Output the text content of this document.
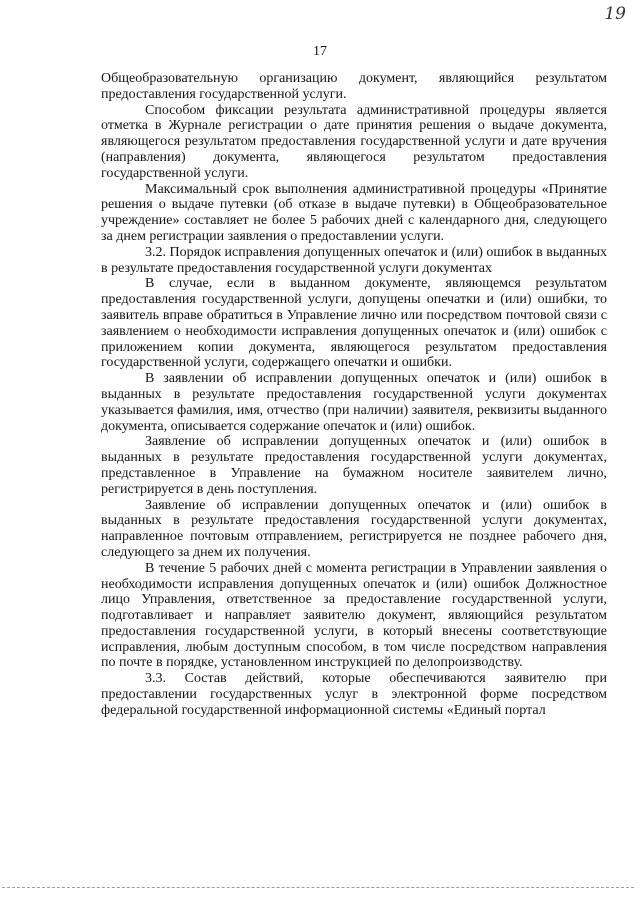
19
17

Общеобразовательную организацию документ, являющийся результатом предоставления государственной услуги.

Способом фиксации результата административной процедуры является отметка в Журнале регистрации о дате принятия решения о выдаче документа, являющегося результатом предоставления государственной услуги и дате вручения (направления) документа, являющегося результатом предоставления государственной услуги.

Максимальный срок выполнения административной процедуры «Принятие решения о выдаче путевки (об отказе в выдаче путевки) в Общеобразовательное учреждение» составляет не более 5 рабочих дней с календарного дня, следующего за днем регистрации заявления о предоставлении услуги.

3.2. Порядок исправления допущенных опечаток и (или) ошибок в выданных в результате предоставления государственной услуги документах

В случае, если в выданном документе, являющемся результатом предоставления государственной услуги, допущены опечатки и (или) ошибки, то заявитель вправе обратиться в Управление лично или посредством почтовой связи с заявлением о необходимости исправления допущенных опечаток и (или) ошибок с приложением копии документа, являющегося результатом предоставления государственной услуги, содержащего опечатки и ошибки.

В заявлении об исправлении допущенных опечаток и (или) ошибок в выданных в результате предоставления государственной услуги документах указывается фамилия, имя, отчество (при наличии) заявителя, реквизиты выданного документа, описывается содержание опечаток и (или) ошибок.

Заявление об исправлении допущенных опечаток и (или) ошибок в выданных в результате предоставления государственной услуги документах, представленное в Управление на бумажном носителе заявителем лично, регистрируется в день поступления.

Заявление об исправлении допущенных опечаток и (или) ошибок в выданных в результате предоставления государственной услуги документах, направленное почтовым отправлением, регистрируется не позднее рабочего дня, следующего за днем их получения.

В течение 5 рабочих дней с момента регистрации в Управлении заявления о необходимости исправления допущенных опечаток и (или) ошибок Должностное лицо Управления, ответственное за предоставление государственной услуги, подготавливает и направляет заявителю документ, являющийся результатом предоставления государственной услуги, в который внесены соответствующие исправления, любым доступным способом, в том числе посредством направления по почте в порядке, установленном инструкцией по делопроизводству.

3.3. Состав действий, которые обеспечиваются заявителю при предоставлении государственных услуг в электронной форме посредством федеральной государственной информационной системы «Единый портал
